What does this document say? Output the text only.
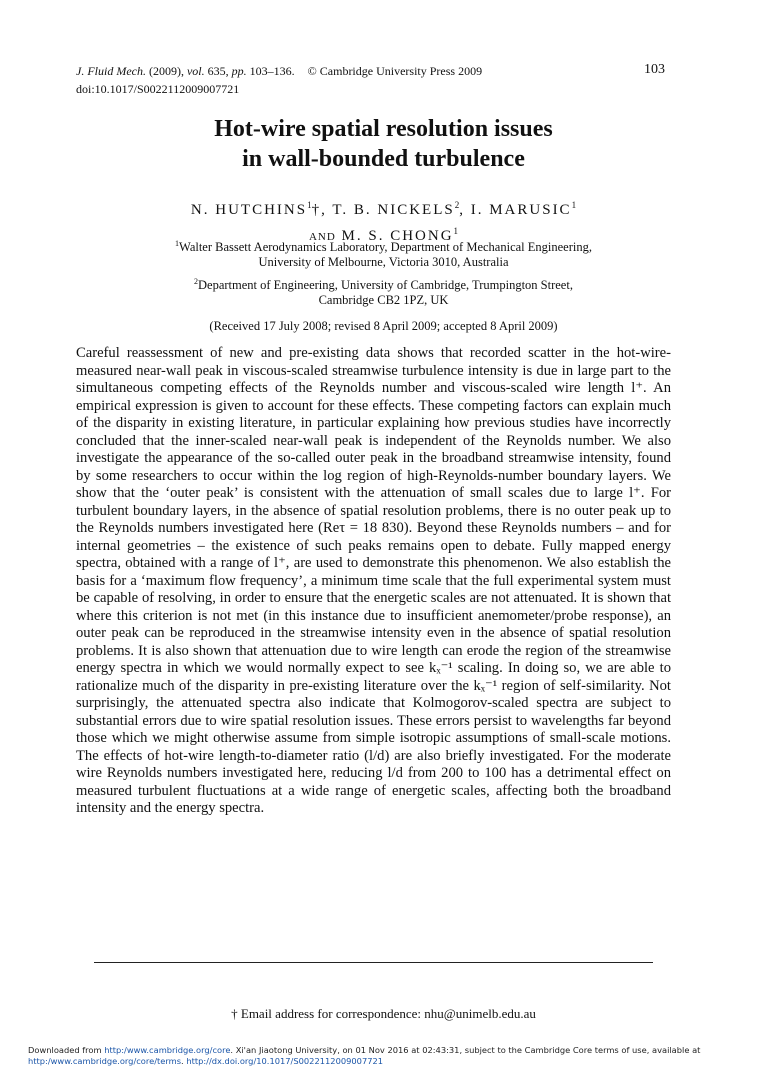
J. Fluid Mech. (2009), vol. 635, pp. 103–136. © Cambridge University Press 2009
doi:10.1017/S0022112009007721
103
Hot-wire spatial resolution issues
in wall-bounded turbulence
N. HUTCHINS$^1$†, T. B. NICKELS$^2$, I. MARUSIC$^1$
AND M. S. CHONG$^1$
$^1$Walter Bassett Aerodynamics Laboratory, Department of Mechanical Engineering,
University of Melbourne, Victoria 3010, Australia
$^2$Department of Engineering, University of Cambridge, Trumpington Street,
Cambridge CB2 1PZ, UK
(Received 17 July 2008; revised 8 April 2009; accepted 8 April 2009)

Careful reassessment of new and pre-existing data shows that recorded scatter in the hot-wire-measured near-wall peak in viscous-scaled streamwise turbulence intensity is due in large part to the simultaneous competing effects of the Reynolds number and viscous-scaled wire length l⁺. An empirical expression is given to account for these effects. These competing factors can explain much of the disparity in existing literature, in particular explaining how previous studies have incorrectly concluded that the inner-scaled near-wall peak is independent of the Reynolds number. We also investigate the appearance of the so-called outer peak in the broadband streamwise intensity, found by some researchers to occur within the log region of high-Reynolds-number boundary layers. We show that the ‘outer peak’ is consistent with the attenuation of small scales due to large l⁺. For turbulent boundary layers, in the absence of spatial resolution problems, there is no outer peak up to the Reynolds numbers investigated here (Reτ = 18 830). Beyond these Reynolds numbers – and for internal geometries – the existence of such peaks remains open to debate. Fully mapped energy spectra, obtained with a range of l⁺, are used to demonstrate this phenomenon. We also establish the basis for a ‘maximum flow frequency’, a minimum time scale that the full experimental system must be capable of resolving, in order to ensure that the energetic scales are not attenuated. It is shown that where this criterion is not met (in this instance due to insufficient anemometer/probe response), an outer peak can be reproduced in the streamwise intensity even in the absence of spatial resolution problems. It is also shown that attenuation due to wire length can erode the region of the streamwise energy spectra in which we would normally expect to see kₓ⁻¹ scaling. In doing so, we are able to rationalize much of the disparity in pre-existing literature over the kₓ⁻¹ region of self-similarity. Not surprisingly, the attenuated spectra also indicate that Kolmogorov-scaled spectra are subject to substantial errors due to wire spatial resolution issues. These errors persist to wavelengths far beyond those which we might otherwise assume from simple isotropic assumptions of small-scale motions. The effects of hot-wire length-to-diameter ratio (l/d) are also briefly investigated. For the moderate wire Reynolds numbers investigated here, reducing l/d from 200 to 100 has a detrimental effect on measured turbulent fluctuations at a wide range of energetic scales, affecting both the broadband intensity and the energy spectra.

† Email address for correspondence: nhu@unimelb.edu.au
Downloaded from http:/www.cambridge.org/core. Xi'an Jiaotong University, on 01 Nov 2016 at 02:43:31, subject to the Cambridge Core terms of use, available at http:/www.cambridge.org/core/terms. http://dx.doi.org/10.1017/S0022112009007721
